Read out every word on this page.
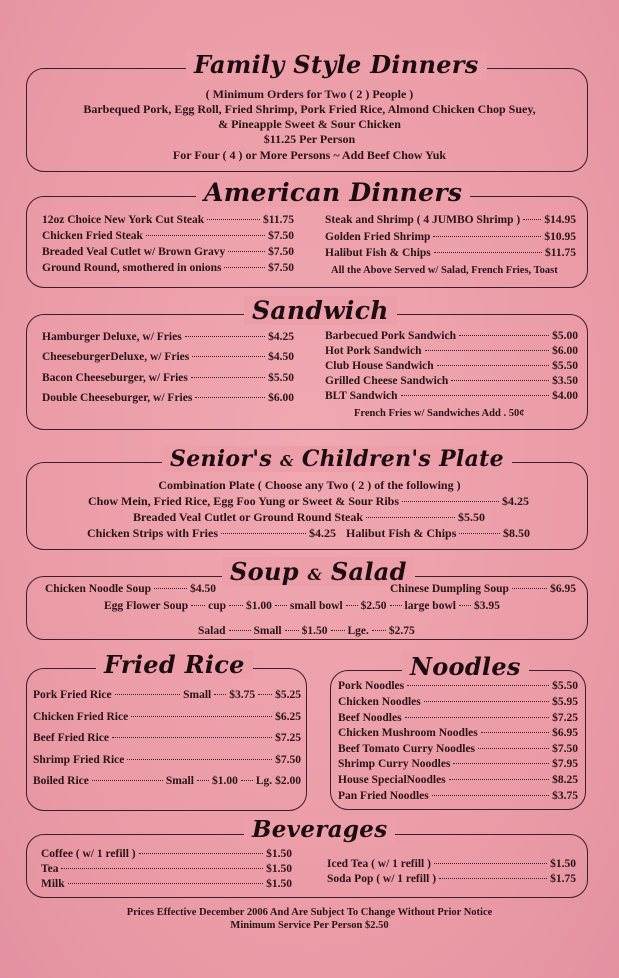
Family Style Dinners
( Minimum Orders for Two ( 2 ) People )
Barbequed Pork, Egg Roll, Fried Shrimp, Pork Fried Rice, Almond Chicken Chop Suey,
& Pineapple Sweet & Sour Chicken
$11.25 Per Person
For Four ( 4 ) or More Persons ~ Add Beef Chow Yuk
American Dinners
12oz Choice New York Cut Steak	$11.75
Chicken Fried Steak	$7.50
Breaded Veal Cutlet w/ Brown Gravy	$7.50
Ground Round, smothered in onions	$7.50
Steak and Shrimp ( 4 JUMBO Shrimp ) $14.95
Golden Fried Shrimp	$10.95
Halibut Fish & Chips	$11.75
All the Above Served w/ Salad, French Fries, Toast
Sandwich
Hamburger Deluxe, w/ Fries	$4.25
CheeseburgerDeluxe, w/ Fries	$4.50
Bacon Cheeseburger, w/ Fries	$5.50
Double Cheeseburger, w/ Fries	$6.00
Barbecued Pork Sandwich	$5.00
Hot Pork Sandwich	$6.00
Club House Sandwich	$5.50
Grilled Cheese Sandwich	$3.50
BLT Sandwich	$4.00
French Fries w/ Sandwiches Add . 50¢
Senior's & Children's Plate
Combination Plate ( Choose any Two ( 2 ) of the following )
Chow Mein, Fried Rice, Egg Foo Yung or Sweet & Sour Ribs	$4.25
Breaded Veal Cutlet or Ground Round Steak	$5.50
Chicken Strips with Fries	$4.25 Halibut Fish & Chips	$8.50
Soup & Salad
Chicken Noodle Soup	$4.50	Chinese Dumpling Soup	$6.95
Egg Flower Soup cup $1.00 small bowl $2.50 large bowl $3.95
Salad Small $1.50 Lge. $2.75
Fried Rice
Pork Fried Rice	Small $3.75 $5.25
Chicken Fried Rice	$6.25
Beef Fried Rice	$7.25
Shrimp Fried Rice	$7.50
Boiled Rice	Small $1.00 Lg. $2.00
Noodles
Pork Noodles	$5.50
Chicken Noodles	$5.95
Beef Noodles	$7.25
Chicken Mushroom Noodles	$6.95
Beef Tomato Curry Noodles	$7.50
Shrimp Curry Noodles	$7.95
House SpecialNoodles	$8.25
Pan Fried Noodles	$3.75
Beverages
Coffee ( w/ 1 refill )	$1.50
Tea	$1.50
Milk	$1.50
Iced Tea ( w/ 1 refill )	$1.50
Soda Pop ( w/ 1 refill )	$1.75
Prices Effective December 2006 And Are Subject To Change Without Prior Notice
Minimum Service Per Person $2.50
